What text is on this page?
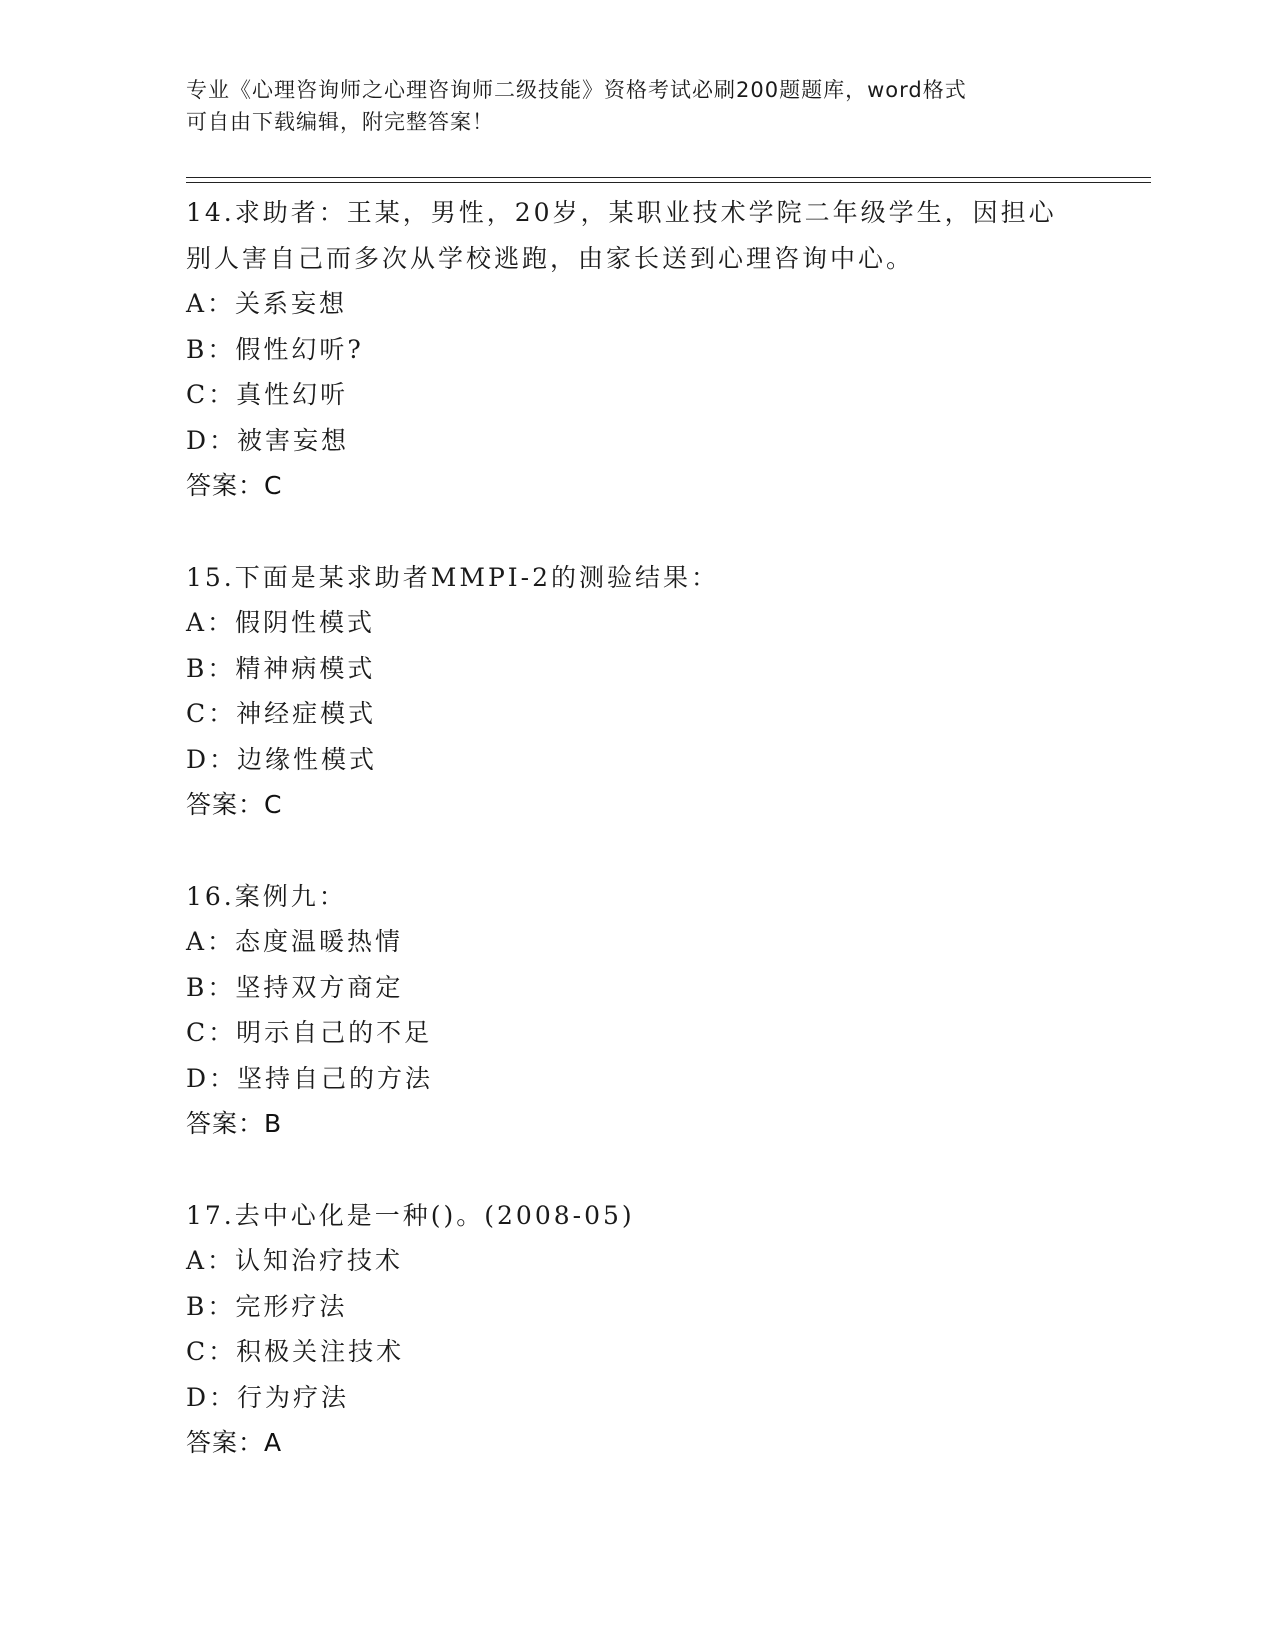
专业《心理咨询师之心理咨询师二级技能》资格考试必刷200题题库，word格式
可自由下载编辑，附完整答案！
14.求助者：王某，男性，20岁，某职业技术学院二年级学生，因担心
别人害自己而多次从学校逃跑，由家长送到心理咨询中心。
A：关系妄想
B：假性幻听?
C：真性幻听
D：被害妄想
答案：C
15.下面是某求助者MMPI-2的测验结果：
A：假阴性模式
B：精神病模式
C：神经症模式
D：边缘性模式
答案：C
16.案例九：
A：态度温暖热情
B：坚持双方商定
C：明示自己的不足
D：坚持自己的方法
答案：B
17.去中心化是一种()。(2008-05)
A：认知治疗技术
B：完形疗法
C：积极关注技术
D：行为疗法
答案：A
